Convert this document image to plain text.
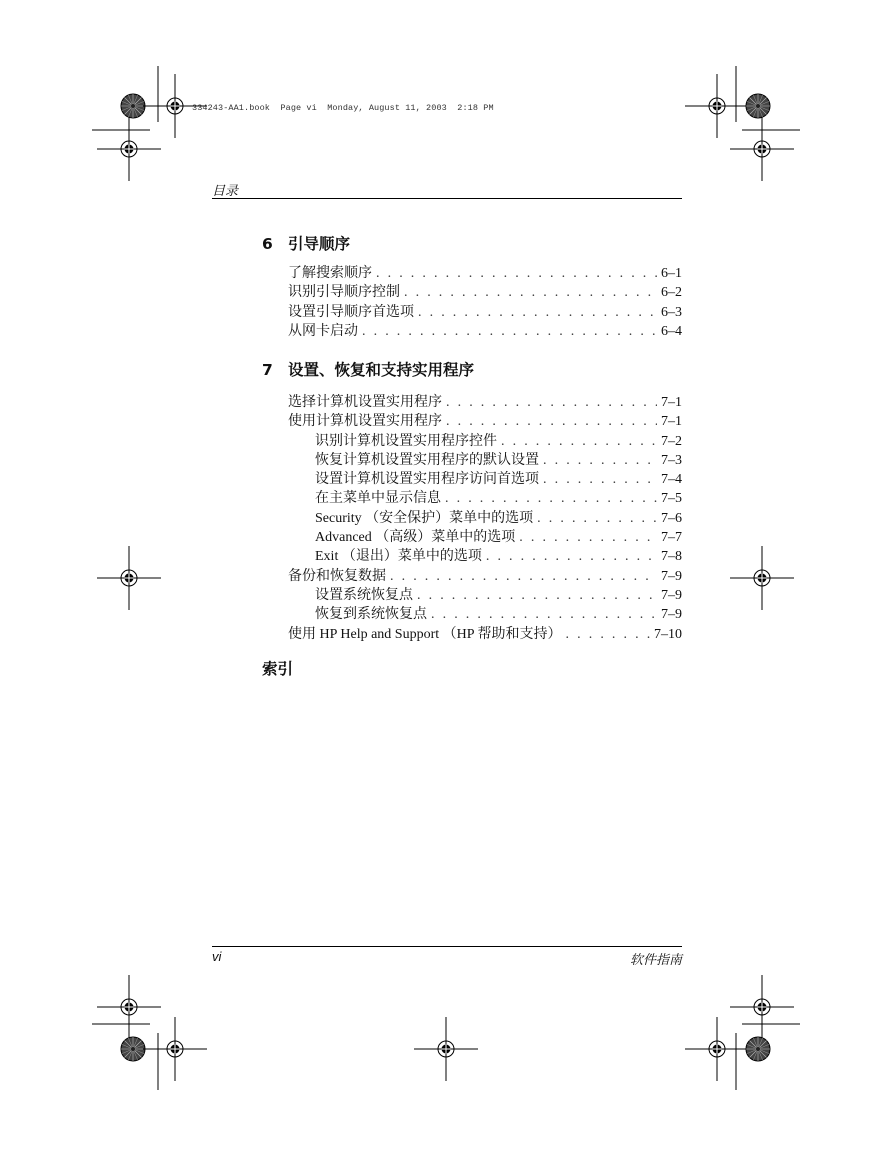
334243-AA1.book  Page vi  Monday, August 11, 2003  2:18 PM
目录
6 引导顺序
了解搜索顺序 . . .	6–1
识别引导顺序控制 . . .	6–2
设置引导顺序首选项 . . .	6–3
从网卡启动 . . .	6–4
7 设置、恢复和支持实用程序
选择计算机设置实用程序 . . .	7–1
使用计算机设置实用程序 . . .	7–1
识别计算机设置实用程序控件 . . .	7–2
恢复计算机设置实用程序的默认设置 . . .	7–3
设置计算机设置实用程序访问首选项 . . .	7–4
在主菜单中显示信息 . . .	7–5
Security （安全保护）菜单中的选项 . . .	7–6
Advanced （高级）菜单中的选项 . . .	7–7
Exit （退出）菜单中的选项 . . .	7–8
备份和恢复数据 . . .	7–9
设置系统恢复点 . . .	7–9
恢复到系统恢复点 . . .	7–9
使用 HP Help and Support （HP 帮助和支持） . . .	7–10
索引
vi	软件指南
